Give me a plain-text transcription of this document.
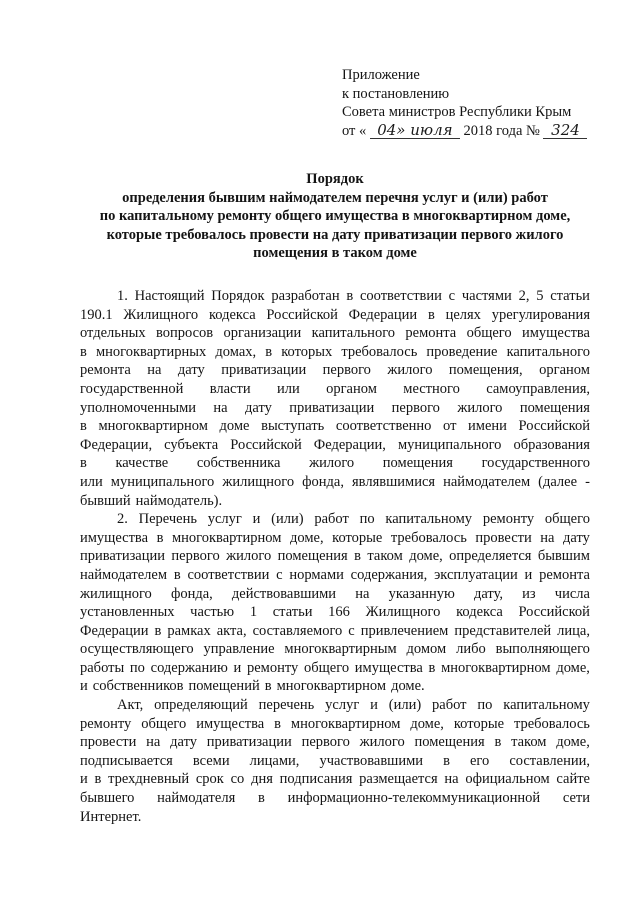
Приложение
к постановлению
Совета министров Республики Крым
от « 04» июля 2018 года № 324
Порядок
определения бывшим наймодателем перечня услуг и (или) работ
по капитальному ремонту общего имущества в многоквартирном доме,
которые требовалось провести на дату приватизации первого жилого
помещения в таком доме
1. Настоящий Порядок разработан в соответствии с частями 2, 5 статьи
190.1 Жилищного кодекса Российской Федерации в целях урегулирования
отдельных вопросов организации капитального ремонта общего имущества
в многоквартирных домах, в которых требовалось проведение капитального
ремонта на дату приватизации первого жилого помещения, органом
государственной власти или органом местного самоуправления,
уполномоченными на дату приватизации первого жилого помещения
в многоквартирном доме выступать соответственно от имени Российской
Федерации, субъекта Российской Федерации, муниципального образования
в качестве собственника жилого помещения государственного
или муниципального жилищного фонда, являвшимися наймодателем (далее -
бывший наймодатель).
2. Перечень услуг и (или) работ по капитальному ремонту общего
имущества в многоквартирном доме, которые требовалось провести на дату
приватизации первого жилого помещения в таком доме, определяется бывшим
наймодателем в соответствии с нормами содержания, эксплуатации и ремонта
жилищного фонда, действовавшими на указанную дату, из числа
установленных частью 1 статьи 166 Жилищного кодекса Российской
Федерации в рамках акта, составляемого с привлечением представителей лица,
осуществляющего управление многоквартирным домом либо выполняющего
работы по содержанию и ремонту общего имущества в многоквартирном доме,
и собственников помещений в многоквартирном доме.
Акт, определяющий перечень услуг и (или) работ по капитальному
ремонту общего имущества в многоквартирном доме, которые требовалось
провести на дату приватизации первого жилого помещения в таком доме,
подписывается всеми лицами, участвовавшими в его составлении,
и в трехдневный срок со дня подписания размещается на официальном сайте
бывшего наймодателя в информационно-телекоммуникационной сети
Интернет.
